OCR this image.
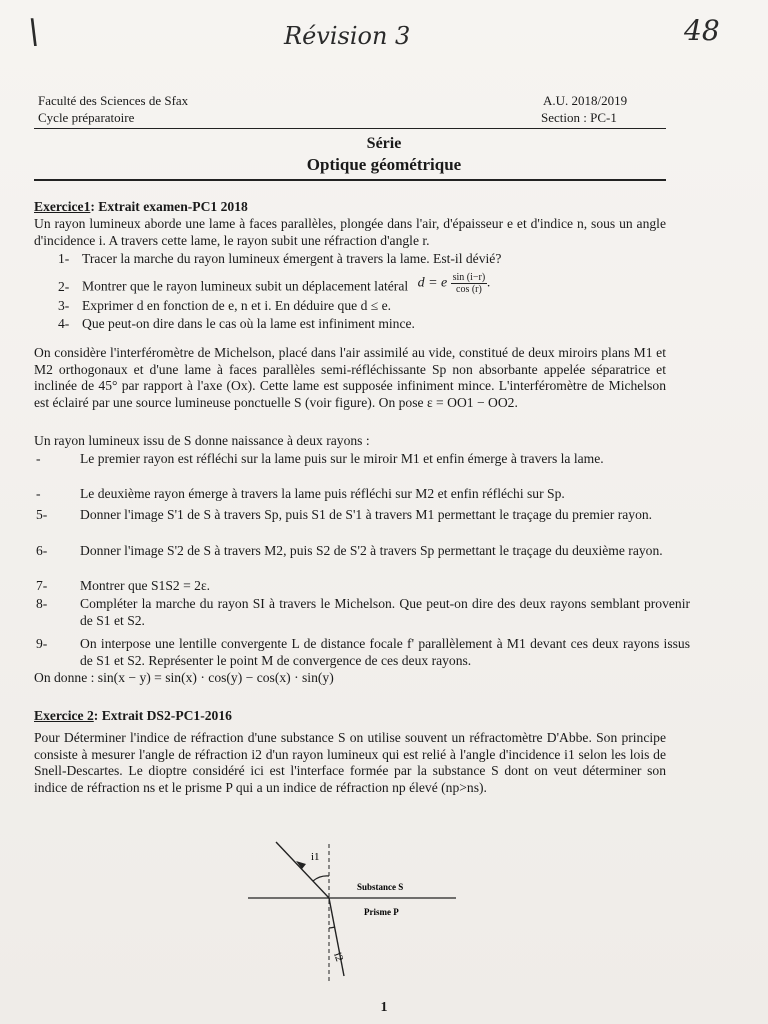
Révision 3	48
\
Faculté des Sciences de Sfax
Cycle préparatoire
A.U. 2018/2019
Section : PC-1
Série
Optique géométrique
Exercice1: Extrait examen-PC1 2018
Un rayon lumineux aborde une lame à faces parallèles, plongée dans l'air, d'épaisseur e et d'indice n, sous un angle d'incidence i. A travers cette lame, le rayon subit une réfraction d'angle r.
1- Tracer la marche du rayon lumineux émergent à travers la lame. Est-il dévié?
2- Montrer que le rayon lumineux subit un déplacement latéral d = e $\frac{\sin (i-r)}{\cos (r)}$ .
3- Exprimer d en fonction de e, n et i. En déduire que d ≤ e.
4- Que peut-on dire dans le cas où la lame est infiniment mince.
On considère l'interféromètre de Michelson, placé dans l'air assimilé au vide, constitué de deux miroirs plans M1 et M2 orthogonaux et d'une lame à faces parallèles semi-réfléchissante Sp non absorbante appelée séparatrice et inclinée de 45° par rapport à l'axe (Ox). Cette lame est supposée infiniment mince. L'interféromètre de Michelson est éclairé par une source lumineuse ponctuelle S (voir figure). On pose ε = OO1 − OO2.
Un rayon lumineux issu de S donne naissance à deux rayons :
-	Le premier rayon est réfléchi sur la lame puis sur le miroir M1 et enfin émerge à travers la lame.
-	Le deuxième rayon émerge à travers la lame puis réfléchi sur M2 et enfin réfléchi sur Sp.
5- Donner l'image S'1 de S à travers Sp, puis S1 de S'1 à travers M1 permettant le traçage du premier rayon.
6- Donner l'image S'2 de S à travers M2, puis S2 de S'2 à travers Sp permettant le traçage du deuxième rayon.
7- Montrer que S1S2 = 2ε.
8- Compléter la marche du rayon SI à travers le Michelson. Que peut-on dire des deux rayons semblant provenir de S1 et S2.
9- On interpose une lentille convergente L de distance focale f' parallèlement à M1 devant ces deux rayons issus de S1 et S2. Représenter le point M de convergence de ces deux rayons.
On donne : sin(x − y) = sin(x) · cos(y) − cos(x) · sin(y)
Exercice 2: Extrait DS2-PC1-2016
Pour Déterminer l'indice de réfraction d'une substance S on utilise souvent un réfractomètre D'Abbe. Son principe consiste à mesurer l'angle de réfraction i2 d'un rayon lumineux qui est relié à l'angle d'incidence i1 selon les lois de Snell-Descartes. Le dioptre considéré ici est l'interface formée par la substance S dont on veut déterminer son indice de réfraction ns et le prisme P qui a un indice de réfraction np élevé (np>ns).
i1
i2
Substance S
Prisme P
1
